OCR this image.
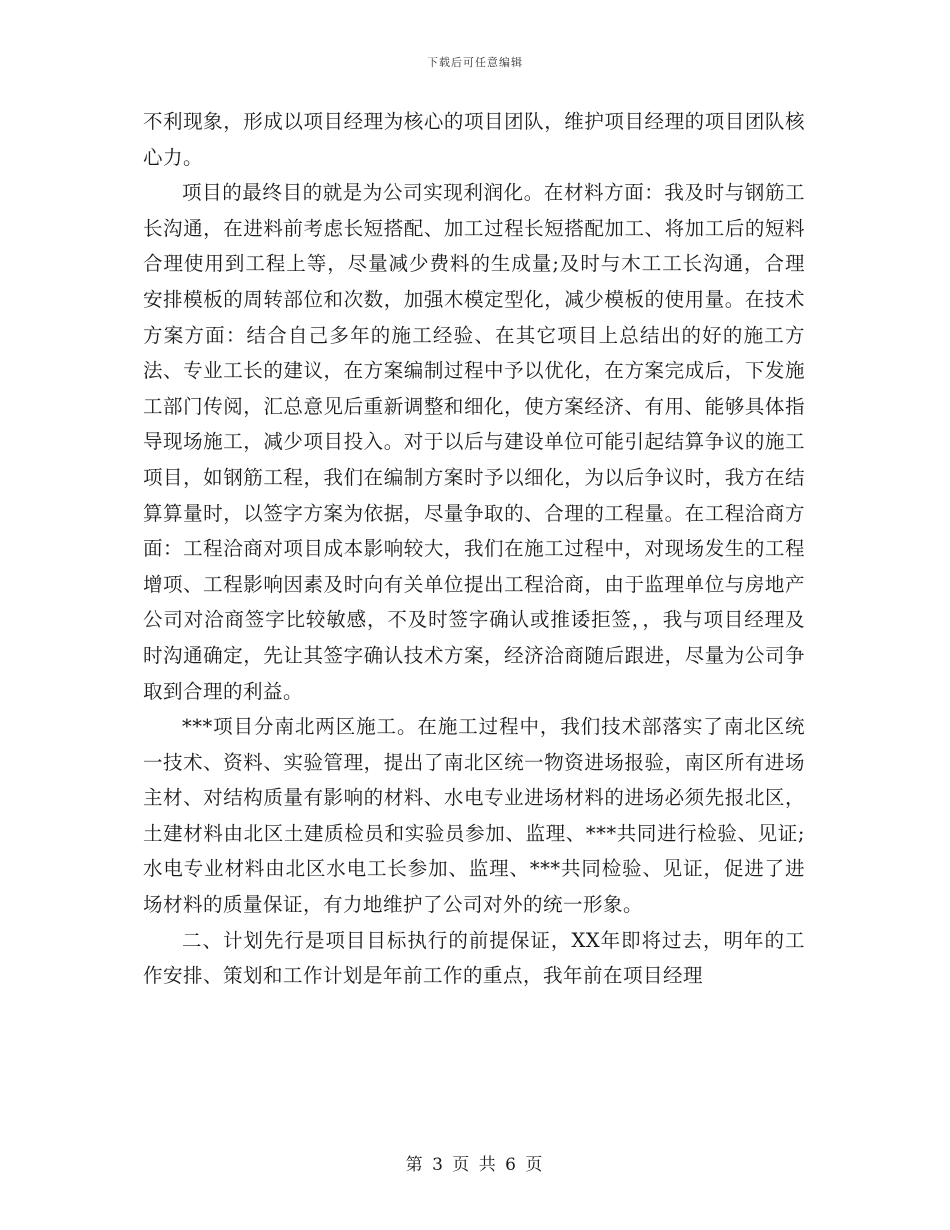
下载后可任意编辑

不利现象，形成以项目经理为核心的项目团队，维护项目经理的项目团队核心力。

项目的最终目的就是为公司实现利润化。在材料方面：我及时与钢筋工长沟通，在进料前考虑长短搭配、加工过程长短搭配加工、将加工后的短料合理使用到工程上等，尽量减少费料的生成量;及时与木工工长沟通，合理安排模板的周转部位和次数，加强木模定型化，减少模板的使用量。在技术方案方面：结合自己多年的施工经验、在其它项目上总结出的好的施工方法、专业工长的建议，在方案编制过程中予以优化，在方案完成后，下发施工部门传阅，汇总意见后重新调整和细化，使方案经济、有用、能够具体指导现场施工，减少项目投入。对于以后与建设单位可能引起结算争议的施工项目，如钢筋工程，我们在编制方案时予以细化，为以后争议时，我方在结算算量时，以签字方案为依据，尽量争取的、合理的工程量。在工程洽商方面：工程洽商对项目成本影响较大，我们在施工过程中，对现场发生的工程增项、工程影响因素及时向有关单位提出工程洽商，由于监理单位与房地产公司对洽商签字比较敏感，不及时签字确认或推诿拒签，，我与项目经理及时沟通确定，先让其签字确认技术方案，经济洽商随后跟进，尽量为公司争取到合理的利益。

***项目分南北两区施工。在施工过程中，我们技术部落实了南北区统一技术、资料、实验管理，提出了南北区统一物资进场报验，南区所有进场主材、对结构质量有影响的材料、水电专业进场材料的进场必须先报北区，土建材料由北区土建质检员和实验员参加、监理、***共同进行检验、见证;水电专业材料由北区水电工长参加、监理、***共同检验、见证，促进了进场材料的质量保证，有力地维护了公司对外的统一形象。

二、计划先行是项目目标执行的前提保证，XX年即将过去，明年的工作安排、策划和工作计划是年前工作的重点，我年前在项目经理

第 3 页 共 6 页
